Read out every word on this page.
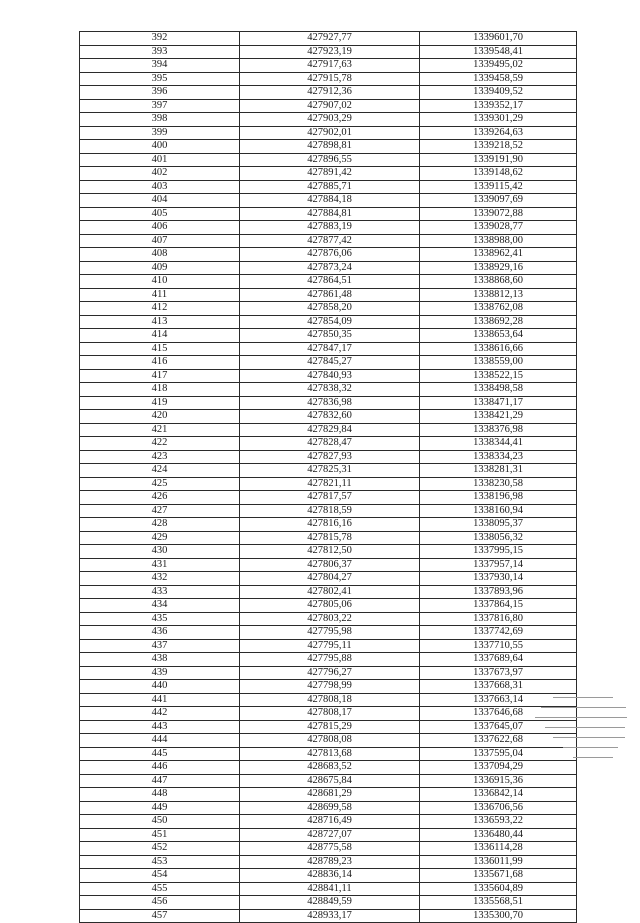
392	427927,77	1339601,70
393	427923,19	1339548,41
394	427917,63	1339495,02
395	427915,78	1339458,59
396	427912,36	1339409,52
397	427907,02	1339352,17
398	427903,29	1339301,29
399	427902,01	1339264,63
400	427898,81	1339218,52
401	427896,55	1339191,90
402	427891,42	1339148,62
403	427885,71	1339115,42
404	427884,18	1339097,69
405	427884,81	1339072,88
406	427883,19	1339028,77
407	427877,42	1338988,00
408	427876,06	1338962,41
409	427873,24	1338929,16
410	427864,51	1338868,60
411	427861,48	1338812,13
412	427858,20	1338762,08
413	427854,09	1338692,28
414	427850,35	1338653,64
415	427847,17	1338616,66
416	427845,27	1338559,00
417	427840,93	1338522,15
418	427838,32	1338498,58
419	427836,98	1338471,17
420	427832,60	1338421,29
421	427829,84	1338376,98
422	427828,47	1338344,41
423	427827,93	1338334,23
424	427825,31	1338281,31
425	427821,11	1338230,58
426	427817,57	1338196,98
427	427818,59	1338160,94
428	427816,16	1338095,37
429	427815,78	1338056,32
430	427812,50	1337995,15
431	427806,37	1337957,14
432	427804,27	1337930,14
433	427802,41	1337893,96
434	427805,06	1337864,15
435	427803,22	1337816,80
436	427795,98	1337742,69
437	427795,11	1337710,55
438	427795,88	1337689,64
439	427796,27	1337673,97
440	427798,99	1337668,31
441	427808,18	1337663,14
442	427808,17	1337646,68
443	427815,29	1337645,07
444	427808,08	1337622,68
445	427813,68	1337595,04
446	428683,52	1337094,29
447	428675,84	1336915,36
448	428681,29	1336842,14
449	428699,58	1336706,56
450	428716,49	1336593,22
451	428727,07	1336480,44
452	428775,58	1336114,28
453	428789,23	1336011,99
454	428836,14	1335671,68
455	428841,11	1335604,89
456	428849,59	1335568,51
457	428933,17	1335300,70
